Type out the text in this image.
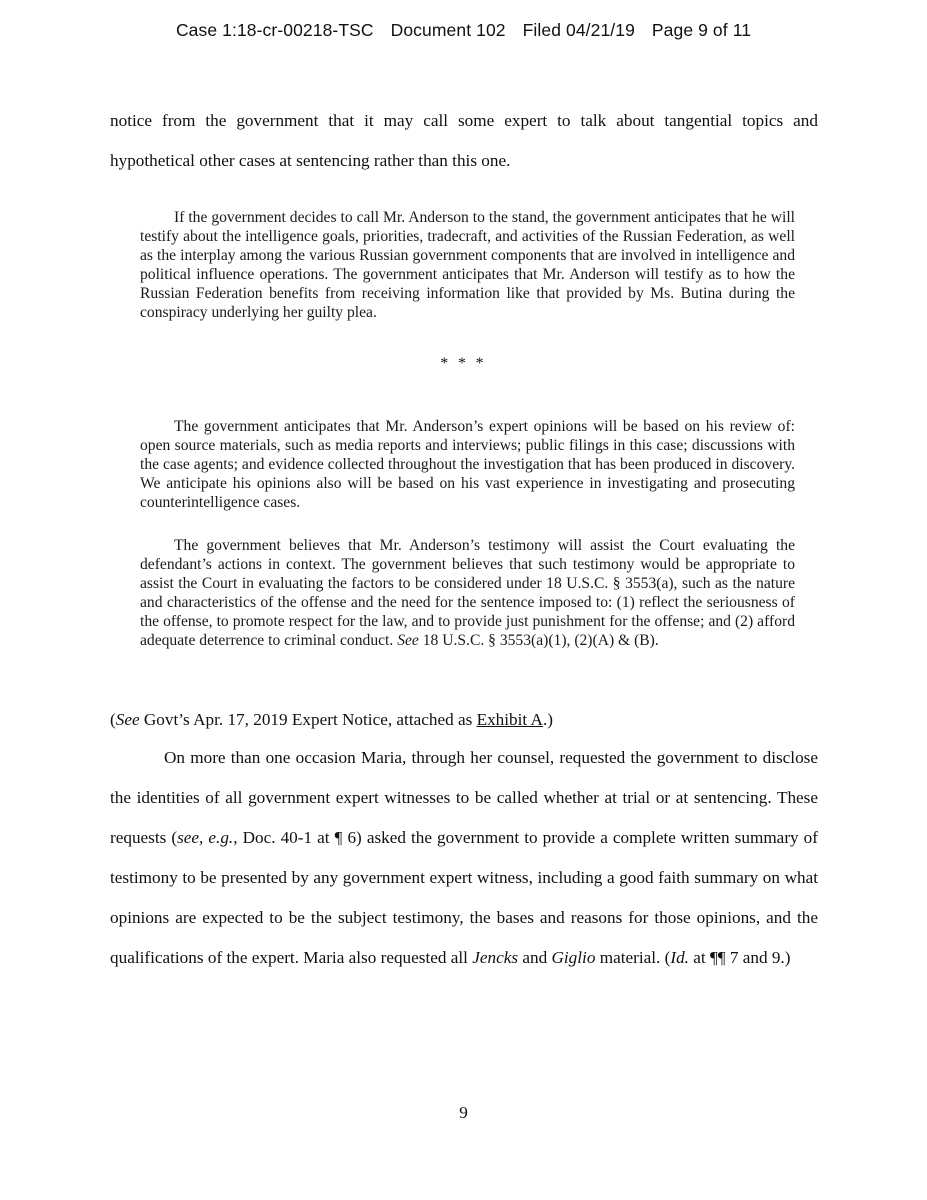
Case 1:18-cr-00218-TSC Document 102 Filed 04/21/19 Page 9 of 11
notice from the government that it may call some expert to talk about tangential topics and
hypothetical other cases at sentencing rather than this one.

If the government decides to call Mr. Anderson to the stand, the government anticipates that he will testify about the intelligence goals, priorities, tradecraft, and activities of the Russian Federation, as well as the interplay among the various Russian government components that are involved in intelligence and political influence operations. The government anticipates that Mr. Anderson will testify as to how the Russian Federation benefits from receiving information like that provided by Ms. Butina during the conspiracy underlying her guilty plea.

* * *

The government anticipates that Mr. Anderson’s expert opinions will be based on his review of: open source materials, such as media reports and interviews; public filings in this case; discussions with the case agents; and evidence collected throughout the investigation that has been produced in discovery. We anticipate his opinions also will be based on his vast experience in investigating and prosecuting counterintelligence cases.

The government believes that Mr. Anderson’s testimony will assist the Court evaluating the defendant’s actions in context. The government believes that such testimony would be appropriate to assist the Court in evaluating the factors to be considered under 18 U.S.C. § 3553(a), such as the nature and characteristics of the offense and the need for the sentence imposed to: (1) reflect the seriousness of the offense, to promote respect for the law, and to provide just punishment for the offense; and (2) afford adequate deterrence to criminal conduct. See 18 U.S.C. § 3553(a)(1), (2)(A) & (B).

(See Govt’s Apr. 17, 2019 Expert Notice, attached as Exhibit A.)

On more than one occasion Maria, through her counsel, requested the government to disclose the identities of all government expert witnesses to be called whether at trial or at sentencing. These requests (see, e.g., Doc. 40-1 at ¶ 6) asked the government to provide a complete written summary of testimony to be presented by any government expert witness, including a good faith summary on what opinions are expected to be the subject testimony, the bases and reasons for those opinions, and the qualifications of the expert. Maria also requested all Jencks and Giglio material. (Id. at ¶¶ 7 and 9.)

9
